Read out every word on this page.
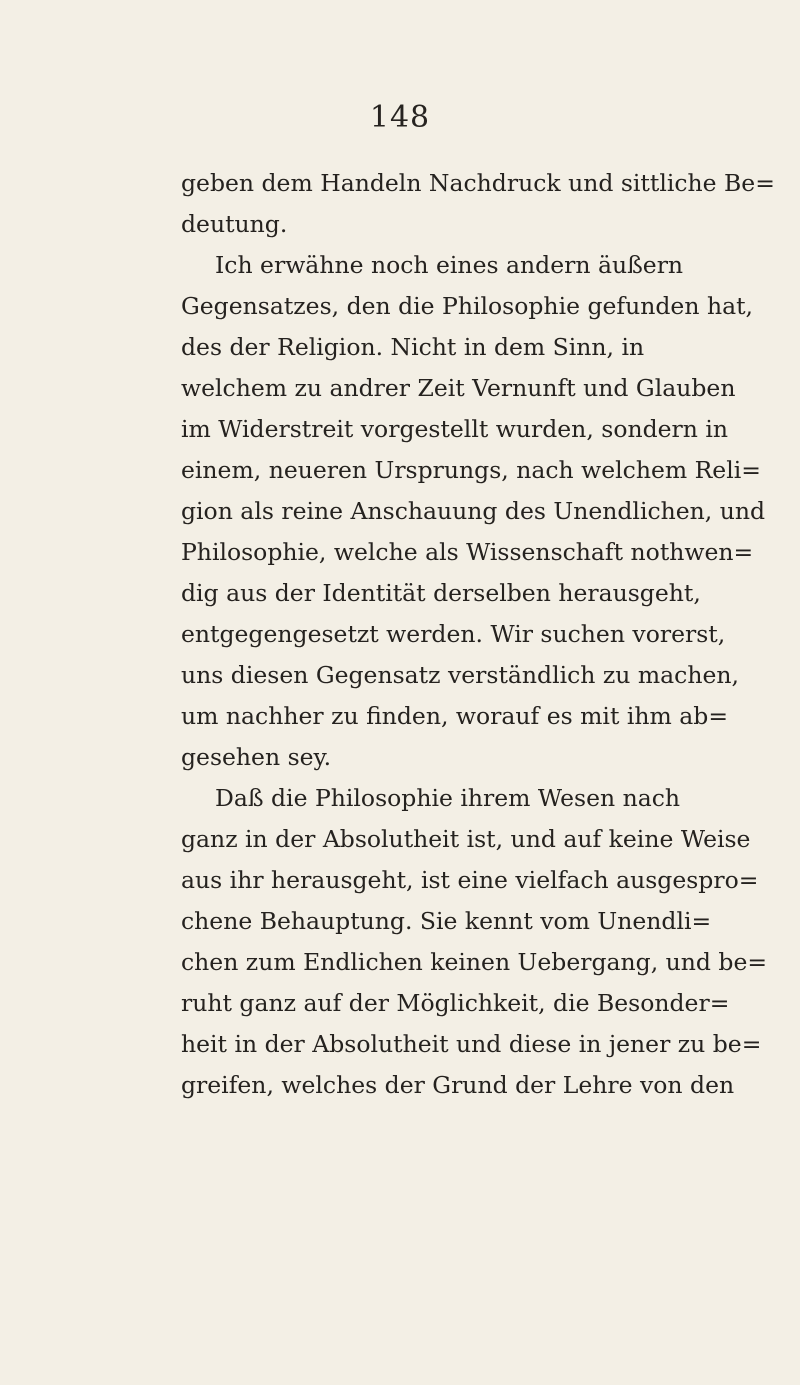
148

geben dem Handeln Nachdruck und sittliche Be=
deutung.

Ich erwähne noch eines andern äußern
Gegensatzes, den die Philosophie gefunden hat,
des der Religion. Nicht in dem Sinn, in
welchem zu andrer Zeit Vernunft und Glauben
im Widerstreit vorgestellt wurden, sondern in
einem, neueren Ursprungs, nach welchem Reli=
gion als reine Anschauung des Unendlichen, und
Philosophie, welche als Wissenschaft nothwen=
dig aus der Identität derselben herausgeht,
entgegengesetzt werden. Wir suchen vorerst,
uns diesen Gegensatz verständlich zu machen,
um nachher zu finden, worauf es mit ihm ab=
gesehen sey.

Daß die Philosophie ihrem Wesen nach
ganz in der Absolutheit ist, und auf keine Weise
aus ihr herausgeht, ist eine vielfach ausgespro=
chene Behauptung. Sie kennt vom Unendli=
chen zum Endlichen keinen Uebergang, und be=
ruht ganz auf der Möglichkeit, die Besonder=
heit in der Absolutheit und diese in jener zu be=
greifen, welches der Grund der Lehre von den
